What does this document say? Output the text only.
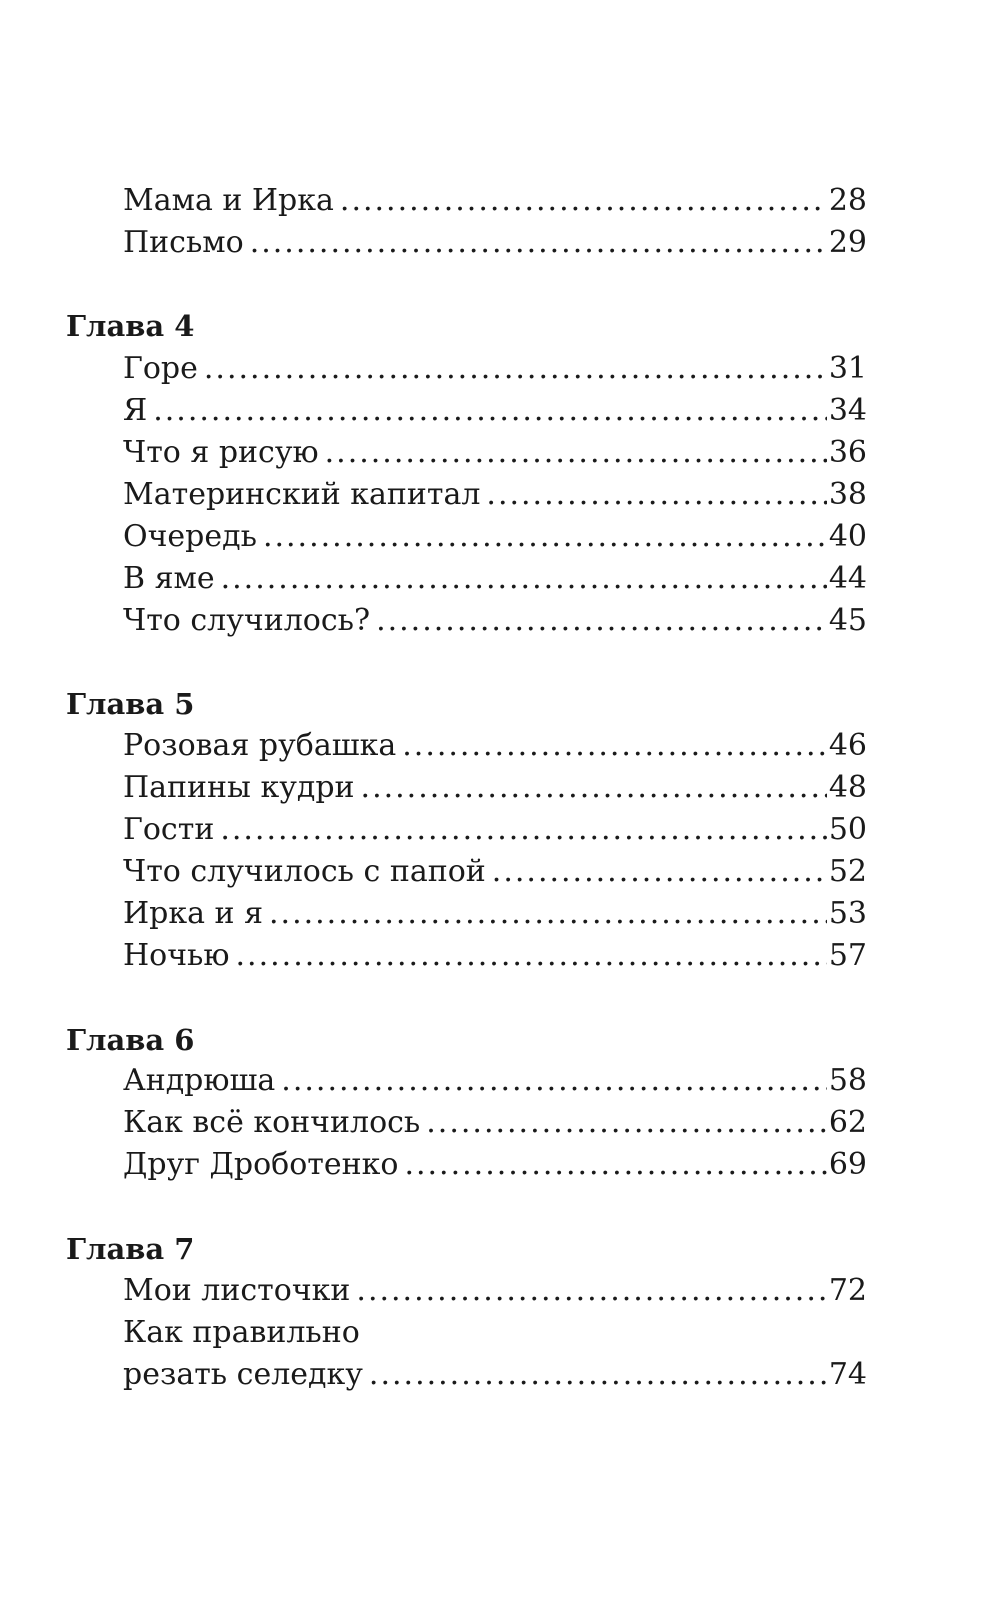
Мама и Ирка .....	28
Письмо .....	29
Глава 4
Горе .....	31
Я .....	34
Что я рисую .....	36
Материнский капитал .....	38
Очередь .....	40
В яме .....	44
Что случилось? .....	45
Глава 5
Розовая рубашка .....	46
Папины кудри .....	48
Гости .....	50
Что случилось с папой .....	52
Ирка и я .....	53
Ночью .....	57
Глава 6
Андрюша .....	58
Как всё кончилось .....	62
Друг Дроботенко .....	69
Глава 7
Мои листочки .....	72
Как правильно
резать селедку .....	74
